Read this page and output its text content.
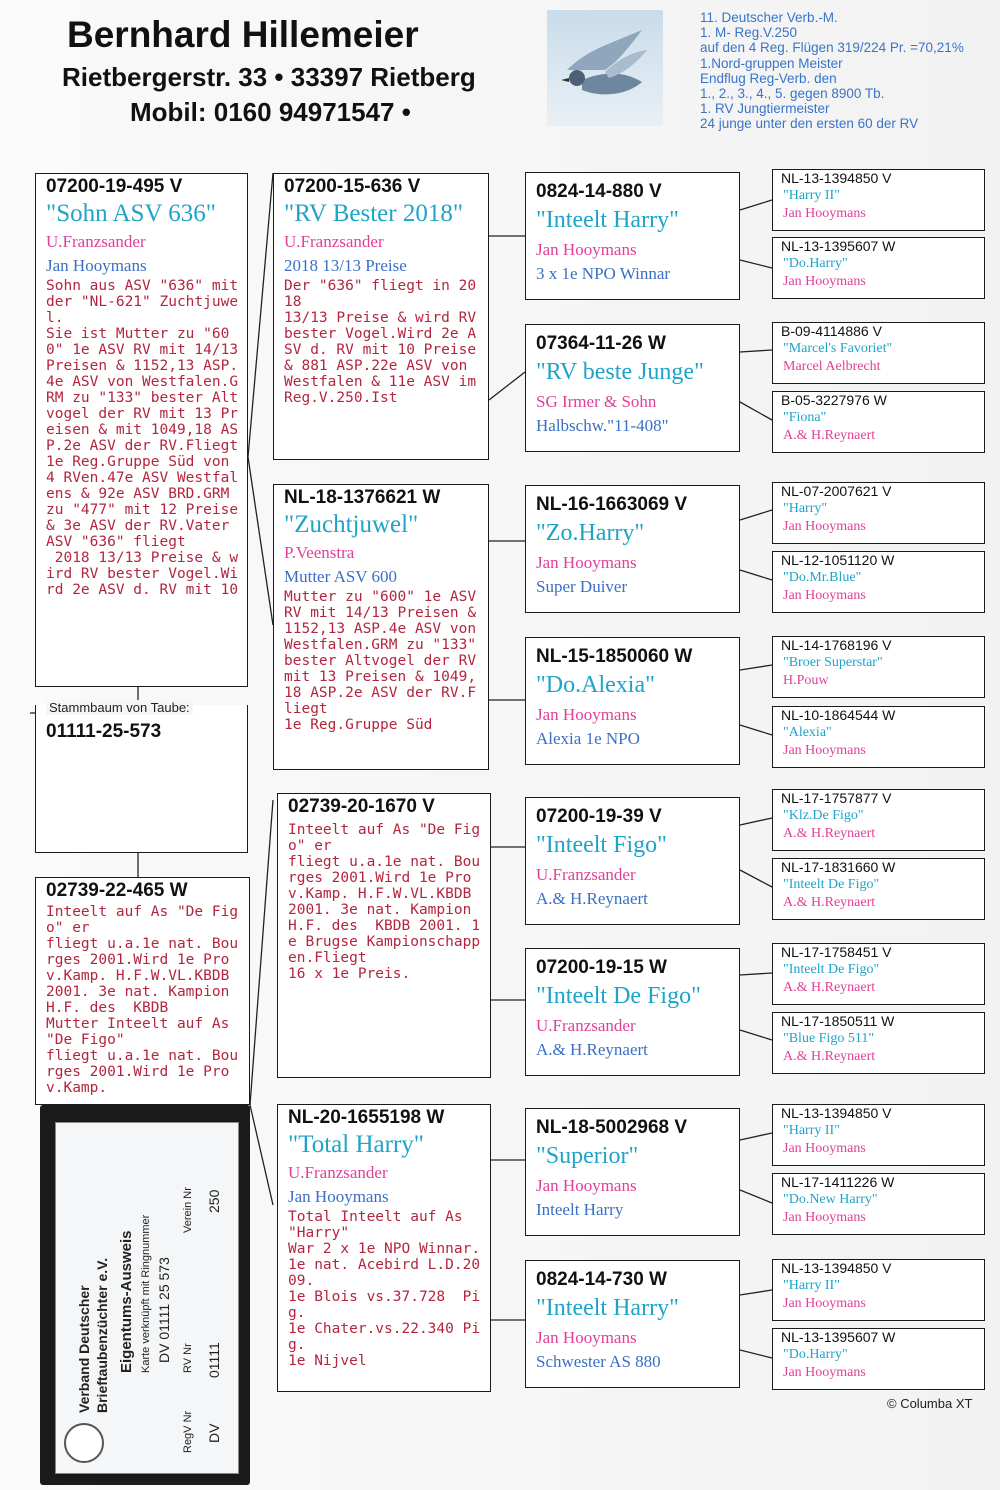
Bernhard Hillemeier
Rietbergerstr. 33 • 33397 Rietberg
Mobil: 0160 94971547 •
11. Deutscher Verb.-M.
1. M- Reg.V.250
auf den 4 Reg. Flügen 319/224 Pr. =70,21%
1.Nord-gruppen Meister
Endflug Reg-Verb. den
1., 2., 3., 4., 5. gegen 8900 Tb.
1. RV Jungtiermeister
24 junge unter den ersten 60 der RV
07200-19-495 V
"Sohn ASV 636"
U.Franzsander
Jan Hooymans
Sohn aus ASV "636" mit der "NL-621" Zuchtjuwel.
Sie ist Mutter zu "600" 1e ASV RV mit 14/13 Preisen & 1152,13 ASP.4e ASV von Westfalen.GRM zu "133" bester Altvogel der RV mit 13 Preisen & mit 1049,18 ASP.2e ASV der RV.Fliegt 1e Reg.Gruppe Süd von 4 RVen.47e ASV Westfalens & 92e ASV BRD.GRM zu "477" mit 12 Preise & 3e ASV der RV.Vater ASV "636" fliegt
2018 13/13 Preise & wird RV bester Vogel.Wird 2e ASV d. RV mit 10
01111-25-573
Stammbaum von Taube:
02739-22-465 W
Inteelt auf As "De Figo" er
fliegt u.a.1e nat. Bourges 2001.Wird 1e Prov.Kamp. H.F.W.VL.KBDB 2001. 3e nat. Kampion H.F. des  KBDB
Mutter Inteelt auf As "De Figo"
fliegt u.a.1e nat. Bourges 2001.Wird 1e Prov.Kamp.
Verband Deutscher Brieftaubenzüchter e.V. Eigentums-Ausweis Karte verknüpft mit Ringnummer DV 01111 25 573
RegV Nr
RV Nr
Verein Nr
DV
01111
250
07200-15-636 V
"RV Bester 2018"
U.Franzsander
2018 13/13 Preise
Der "636" fliegt in 2018
13/13 Preise & wird RV
bester Vogel.Wird 2e ASV d. RV mit 10 Preise
& 881 ASP.22e ASV von
Westfalen & 11e ASV im Reg.V.250.Ist
NL-18-1376621 W
"Zuchtjuwel"
P.Veenstra
Mutter ASV 600
Mutter zu "600" 1e ASV RV mit 14/13 Preisen & 1152,13 ASP.4e ASV von Westfalen.GRM zu "133" bester Altvogel der RV mit 13 Preisen & 1049,18 ASP.2e ASV der RV.Fliegt
1e Reg.Gruppe Süd
02739-20-1670 V
Inteelt auf As "De Figo" er
fliegt u.a.1e nat. Bourges 2001.Wird 1e Prov.Kamp. H.F.W.VL.KBDB 2001. 3e nat. Kampion H.F. des  KBDB 2001. 1e Brugse Kampionschappen.Fliegt
16 x 1e Preis.
NL-20-1655198 W
"Total Harry"
U.Franzsander
Jan Hooymans
Total Inteelt auf As "Harry"
War 2 x 1e NPO Winnar.
1e nat. Acebird L.D.2009.
1e Blois vs.37.728  Pig.
1e Chater.vs.22.340 Pig.
1e Nijvel
0824-14-880 V
"Inteelt Harry"
Jan Hooymans
3 x 1e NPO Winnar
07364-11-26 W
"RV beste Junge"
SG Irmer & Sohn
Halbschw."11-408"
NL-16-1663069 V
"Zo.Harry"
Jan Hooymans
Super Duiver
NL-15-1850060 W
"Do.Alexia"
Jan Hooymans
Alexia 1e NPO
07200-19-39 V
"Inteelt Figo"
U.Franzsander
A.& H.Reynaert
07200-19-15 W
"Inteelt De Figo"
U.Franzsander
A.& H.Reynaert
NL-18-5002968 V
"Superior"
Jan Hooymans
Inteelt Harry
0824-14-730 W
"Inteelt Harry"
Jan Hooymans
Schwester AS 880
NL-13-1394850 V
"Harry II"
Jan Hooymans
NL-13-1395607 W
"Do.Harry"
Jan Hooymans
B-09-4114886 V
"Marcel's Favoriet"
Marcel Aelbrecht
B-05-3227976 W
"Fiona"
A.& H.Reynaert
NL-07-2007621 V
"Harry"
Jan Hooymans
NL-12-1051120 W
"Do.Mr.Blue"
Jan Hooymans
NL-14-1768196 V
"Broer Superstar"
H.Pouw
NL-10-1864544 W
"Alexia"
Jan Hooymans
NL-17-1757877 V
"Klz.De Figo"
A.& H.Reynaert
NL-17-1831660 W
"Inteelt De Figo"
A.& H.Reynaert
NL-17-1758451 V
"Inteelt De Figo"
A.& H.Reynaert
NL-17-1850511 W
"Blue Figo 511"
A.& H.Reynaert
NL-13-1394850 V
"Harry II"
Jan Hooymans
NL-17-1411226 W
"Do.New Harry"
Jan Hooymans
NL-13-1394850 V
"Harry II"
Jan Hooymans
NL-13-1395607 W
"Do.Harry"
Jan Hooymans
© Columba XT
